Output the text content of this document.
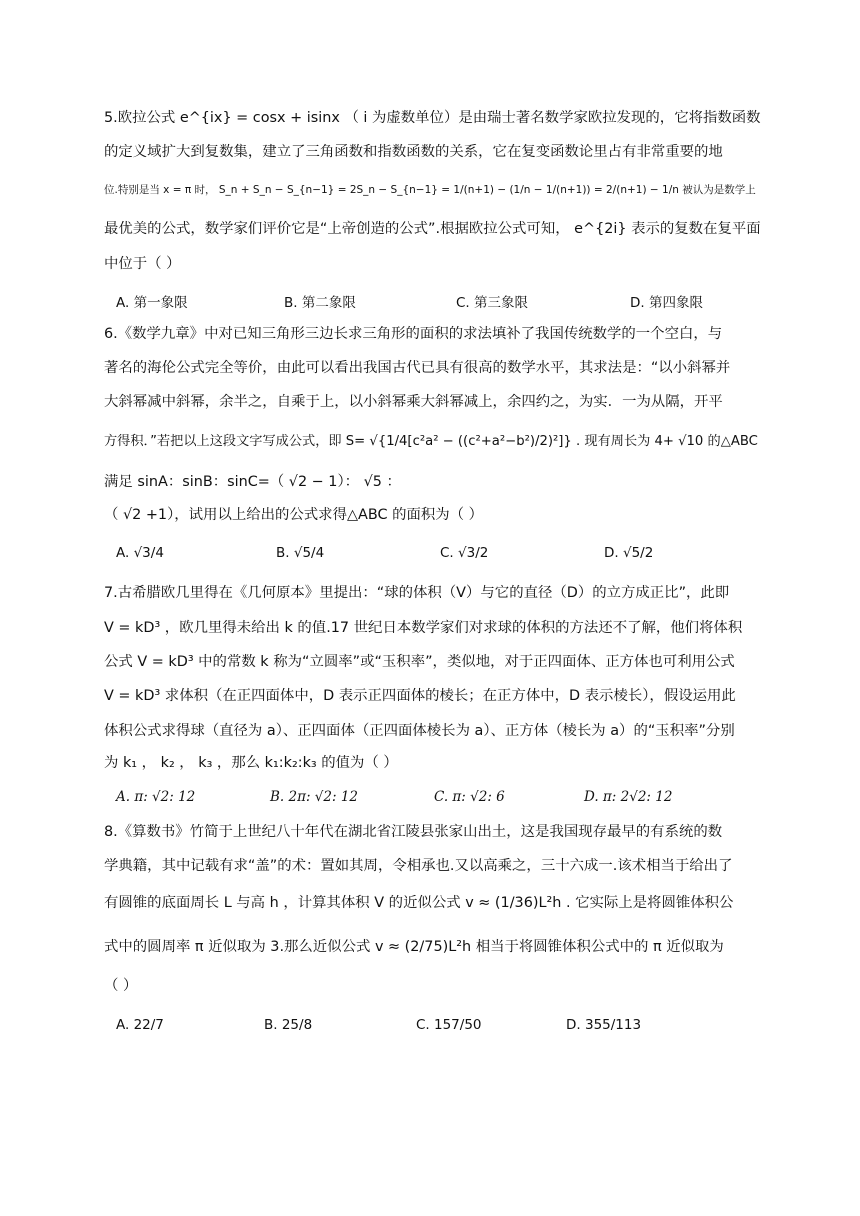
5.欧拉公式 e^{ix} = cosx + isinx （ i 为虚数单位）是由瑞士著名数学家欧拉发现的，它将指数函数
的定义域扩大到复数集，建立了三角函数和指数函数的关系，它在复变函数论里占有非常重要的地
位.特别是当 x = π 时， S_n + S_n − S_{n−1} = 2S_n − S_{n−1} = 1/(n+1) − (1/n − 1/(n+1)) = 2/(n+1) − 1/n 被认为是数学上
最优美的公式，数学家们评价它是“上帝创造的公式”.根据欧拉公式可知， e^{2i} 表示的复数在复平面
中位于（ ）
A. 第一象限	B. 第二象限	C. 第三象限	D. 第四象限
6.《数学九章》中对已知三角形三边长求三角形的面积的求法填补了我国传统数学的一个空白，与
著名的海伦公式完全等价，由此可以看出我国古代已具有很高的数学水平，其求法是：“以小斜幂并
大斜幂减中斜幂，余半之，自乘于上，以小斜幂乘大斜幂减上，余四约之，为实．一为从隔，开平
方得积．”若把以上这段文字写成公式，即 S= √{1/4[c²a² − ((c²+a²−b²)/2)²]} . 现有周长为 4+ √10 的△ABC
满足 sinA：sinB：sinC=（ √2 − 1）： √5 ：
（ √2 +1），试用以上给出的公式求得△ABC 的面积为（ ）
A. √3/4	B. √5/4	C. √3/2	D. √5/2
7.古希腊欧几里得在《几何原本》里提出：“球的体积（V）与它的直径（D）的立方成正比”，此即
V = kD³ ，欧几里得未给出 k 的值.17 世纪日本数学家们对求球的体积的方法还不了解，他们将体积
公式 V = kD³ 中的常数 k 称为“立圆率”或“玉积率”，类似地，对于正四面体、正方体也可利用公式
V = kD³ 求体积（在正四面体中，D 表示正四面体的棱长；在正方体中，D 表示棱长），假设运用此
体积公式求得球（直径为 a）、正四面体（正四面体棱长为 a）、正方体（棱长为 a）的“玉积率”分别
为 k₁ ， k₂ ， k₃ ，那么 k₁:k₂:k₃ 的值为（ ）
A. π: √2: 12	B. 2π: √2: 12	C. π: √2: 6	D. π: 2√2: 12
8.《算数书》竹简于上世纪八十年代在湖北省江陵县张家山出土，这是我国现存最早的有系统的数
学典籍，其中记载有求“盖”的术：置如其周，令相承也.又以高乘之，三十六成一.该术相当于给出了
有圆锥的底面周长 L 与高 h ，计算其体积 V 的近似公式 v ≈ (1/36)L²h . 它实际上是将圆锥体积公
式中的圆周率 π 近似取为 3.那么近似公式 v ≈ (2/75)L²h 相当于将圆锥体积公式中的 π 近似取为
（ ）
A. 22/7	B. 25/8	C. 157/50	D. 355/113
